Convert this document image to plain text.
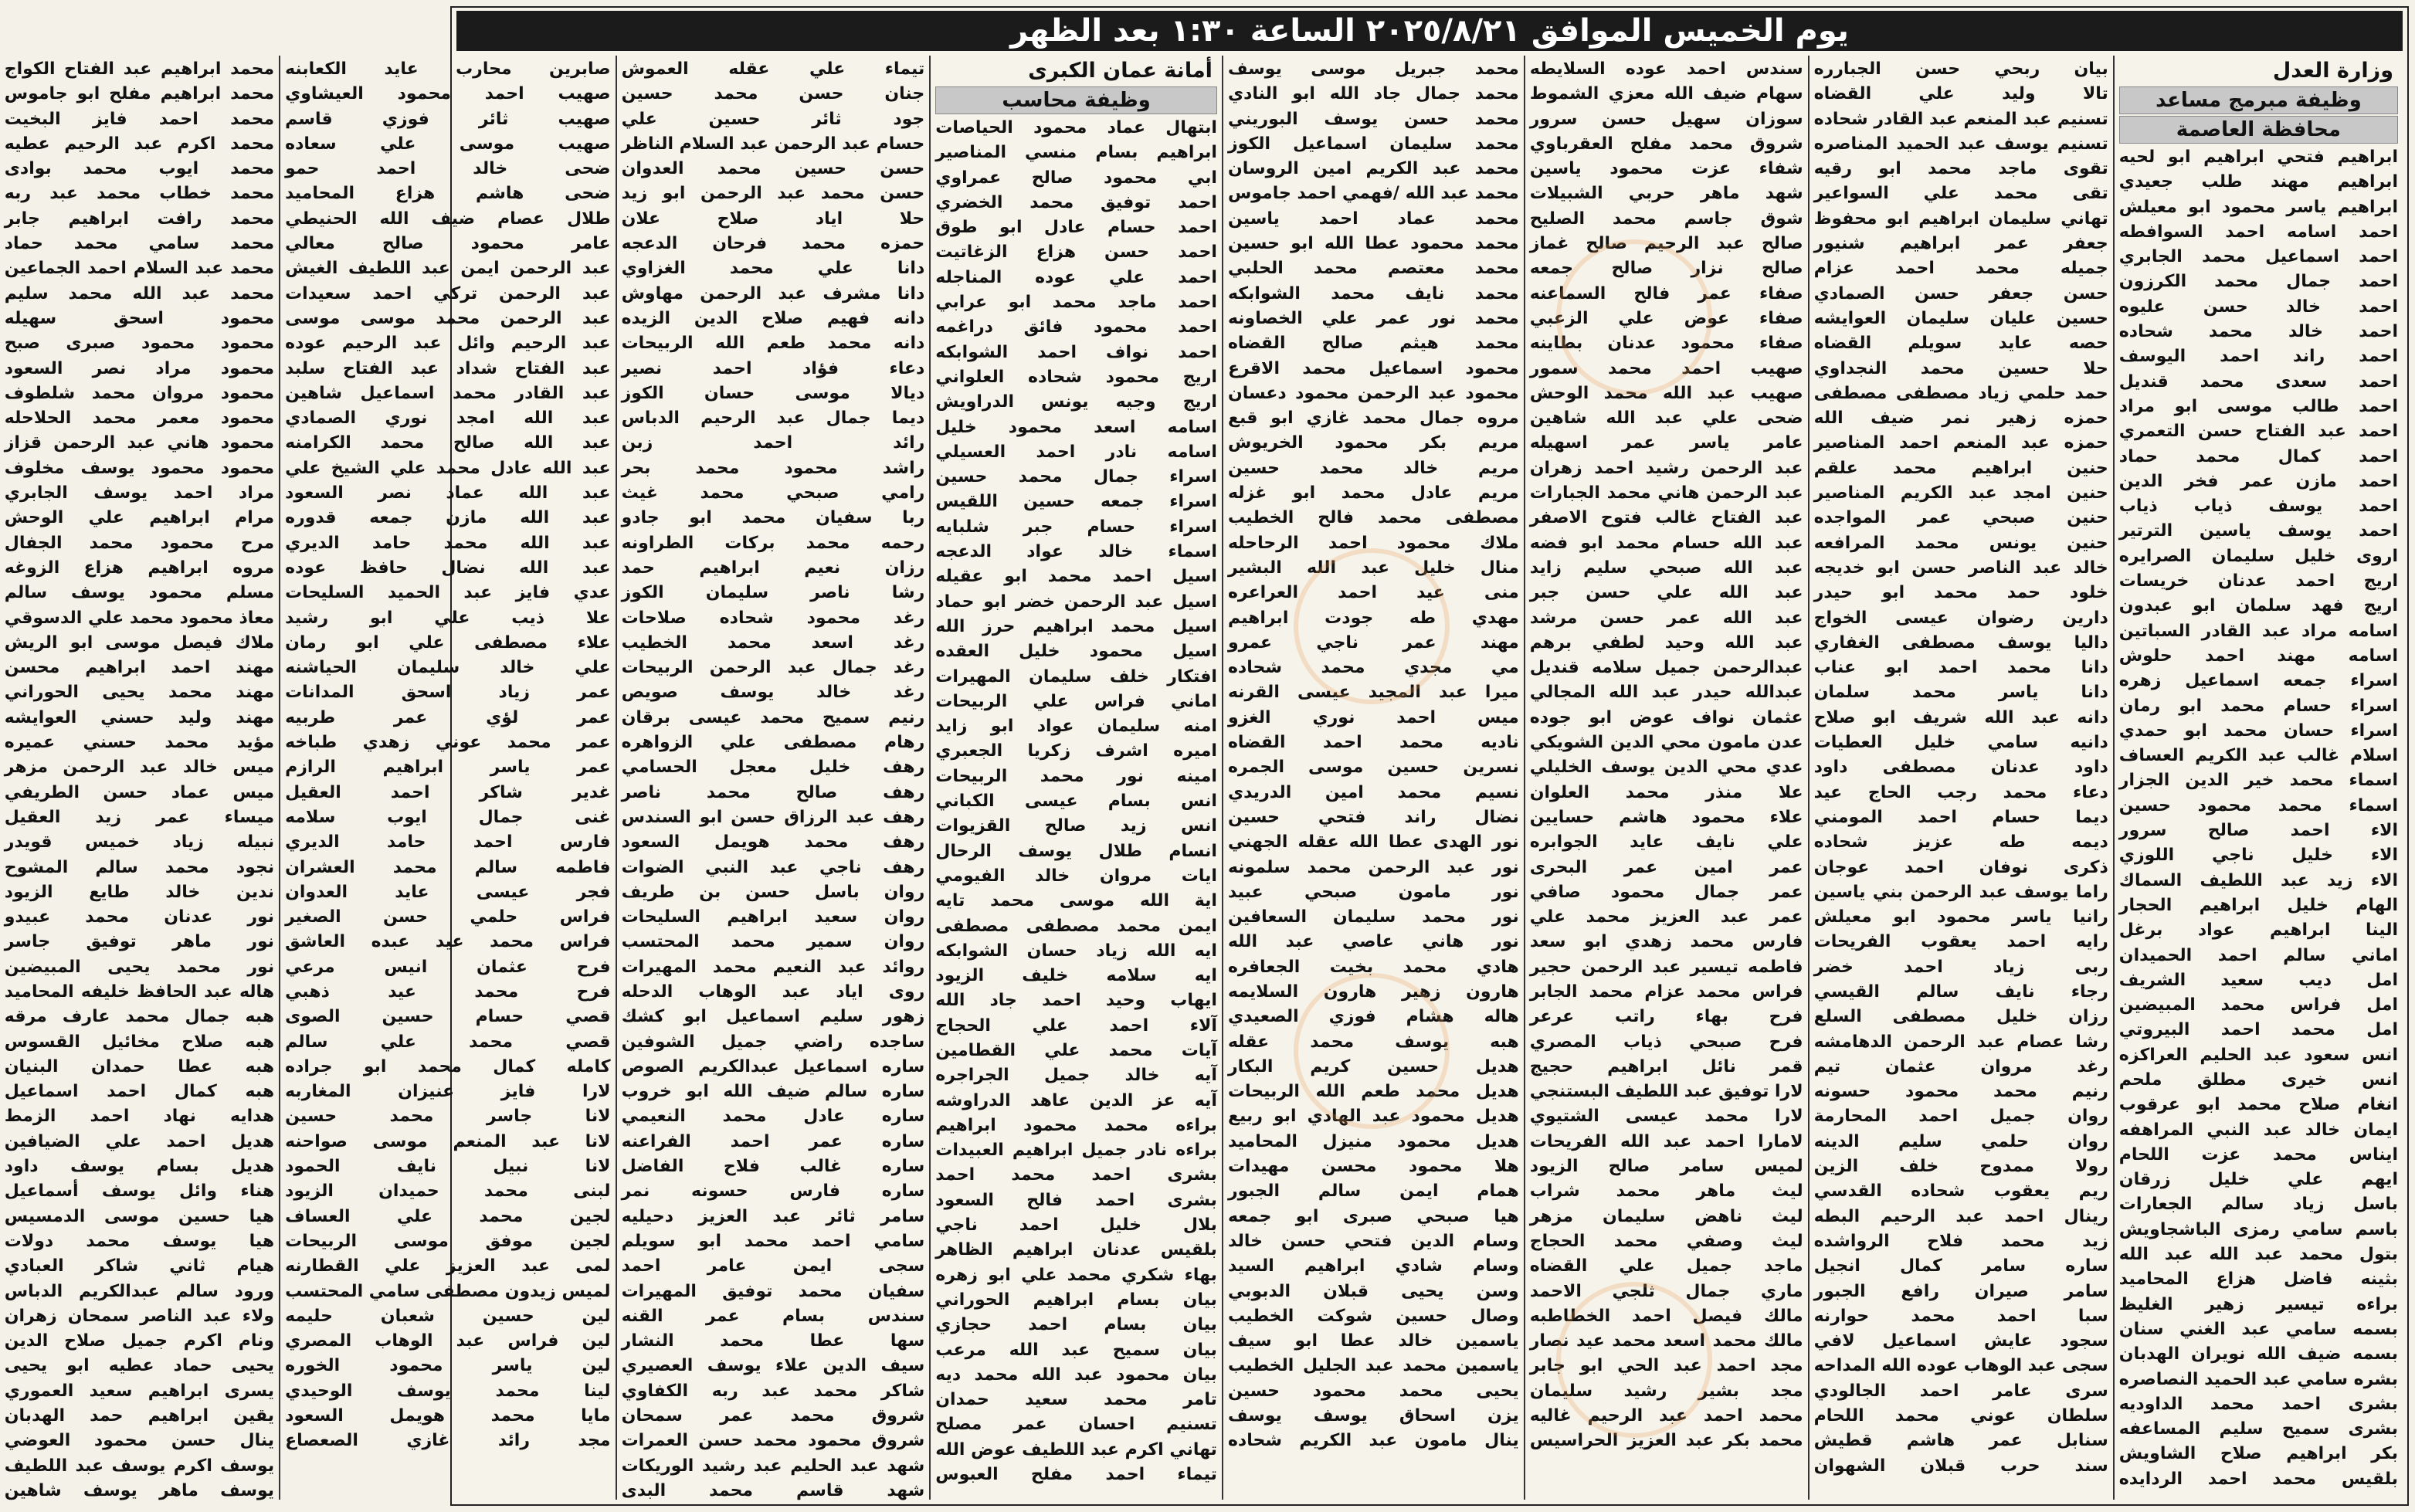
يوم الخميس الموافق ٢٠٢٥/٨/٢١ الساعة ١:٣٠ بعد الظهر
وزارة العدل
وظيفة مبرمج مساعد
محافظة العاصمة
ابراهيم فتحي ابراهيم ابو لحيه
ابراهيم مهند طلب جعيدي
ابراهيم ياسر محمود ابو معيلش
احمد اسامه احمد السوافطه
احمد اسماعيل محمد الجابري
احمد جمال محمد الكرزون
احمد خالد حسن عليوه
احمد خالد محمد شحاده
احمد راند احمد اليوسف
احمد سعدى محمد قنديل
احمد طالب موسى ابو مراد
احمد عبد الفتاح حسن التعمري
احمد كمال محمد حماد
احمد مازن عمر فخر الدين
احمد يوسف ذياب ذياب
احمد يوسف ياسين الترتير
اروى خليل سليمان الصرايره
اريج احمد عدنان خريسات
اريج فهد سلمان ابو عبدون
اسامه مراد عبد القادر السباتين
اسامه مهند احمد حلوش
اسراء جمعه اسماعيل زهره
اسراء حسام محمد ابو رمان
اسراء حسان محمد ابو حمدي
اسلام غالب عبد الكريم العساف
اسماء محمد خير الدين الجزار
اسماء محمد محمود حسين
الاء احمد صالح سرور
الاء خليل ناجي اللوزي
الاء زيد عبد اللطيف السماك
الهام خليل ابراهيم الحجار
الينا ابراهيم عواد برغل
اماني سالم احمد الحميدان
امل ديب سعيد الشريف
امل فراس محمد المبيضين
امل محمد احمد البيروتي
انس سعود عبد الحليم العراكزه
انس خيرى مطلق ملحم
انغام صلاح محمد ابو عرقوب
ايمان خالد عبد النبي المراهفه
ايناس محمد عزت اللحام
ايهم علي خليل زرقان
باسل زياد سالم الجعارات
باسم سامي رمزى الباشجاويش
بتول محمد عبد الله عبد الله
بثينه فاضل هزاع المحاميد
براءه تيسير زهير الغليظ
بسمه سامي عبد الغني سنان
بسمه ضيف الله نويران الهدبان
بشره سامي عبد الحميد النصاصره
بشرى احمد محمد الداوديه
بشرى سميح سليم المساعفه
بكر ابراهيم صلاح الشاويش
بلقيس محمد احمد الردايده
بيان ربحي حسن الجبارره
تالا وليد علي القضاه
تسنيم عبد المنعم عبد القادر شحاده
تسنيم يوسف عبد الحميد المناصره
تقوى ماجد محمد ابو رقيه
تقى محمد علي السواعير
تهاني سليمان ابراهيم ابو محفوظ
جعفر عمر ابراهيم شنيور
جميله محمد احمد عزام
حسن جعفر حسن الصمادي
حسين عليان سليمان العوايشه
حصه عايد سويلم القضاه
حلا حسين محمد النجداوي
حمد حلمي زياد مصطفى مصطفى
حمزه زهير نمر ضيف الله
حمزه عبد المنعم احمد المناصير
حنين ابراهيم محمد علقم
حنين امجد عبد الكريم المناصير
حنين صبحي عمر المواجده
حنين يونس محمد المرافعه
خالد عبد الناصر حسن ابو خديجه
خلود حمد محمد ابو حيدر
دارين رضوان عيسى الخواج
داليا يوسف مصطفى الغفاري
دانا محمد احمد ابو عناب
دانا ياسر محمد سلمان
دانه عبد الله شريف ابو صلاح
دانيه سامي خليل العطيات
داود عدنان مصطفى داود
دعاء محمد رجب الحاج عيد
ديما حسام احمد المومني
ديمه طه عزيز شحاده
ذكرى نوفان احمد عوجان
راما يوسف عبد الرحمن بني ياسين
رانيا ياسر محمود ابو معيلش
رايه احمد يعقوب الفريحات
ربى زياد احمد خضر
رجاء نايف سالم القيسي
رزان خليل مصطفى السلع
رشا عصام عبد الرحمن الدهامشه
رغد مروان عثمان تيم
رنيم محمد محمود حسونه
روان جميل احمد المحارمة
روان حلمي سليم الدينه
رولا ممدوح خلف الزين
ريم يعقوب شحاده القدسي
رينال احمد عبد الرحيم البطه
زيد محمد فلاح الرواشده
ساره سامر كمال انجيل
سامر صيران رافع الجبور
سبا احمد محمد حوارنه
سجود عايش اسماعيل لافي
سجى عبد الوهاب عوده الله المداحه
سرى عامر احمد الجالودي
سلطان عوني محمد اللحام
سنابل عمر هاشم قطيش
سند حرب قبلان الشهوان
سندس احمد عوده السلايطه
سهام ضيف الله معزي الشموط
سوزان سهيل حسن سرور
شروق محمد مفلح العقرباوي
شفاء عزت محمود ياسين
شهد ماهر حربي الشبيلات
شوق جاسم محمد الصليح
صالح عبد الرحيم صالح غماز
صالح نزار صالح جمعه
صفاء عمر فالح السماعنه
صفاء عوض علي الزعبي
صفاء محمود عدنان بطاينه
صهيب احمد محمد سمور
صهيب عبد الله محمد الوحش
ضحى علي عبد الله شاهين
عامر ياسر عمر اسهيله
عبد الرحمن رشيد احمد زهران
عبد الرحمن هاني محمد الجبارات
عبد الفتاح غالب فتوح الاصفر
عبد الله حسام محمد ابو فضه
عبد الله صبحي سليم زايد
عبد الله علي حسن جبر
عبد الله عمر حسن مرشد
عبد الله وحيد لطفي برهم
عبدالرحمن جميل سلامه قنديل
عبدالله حيدر عبد الله المجالي
عثمان نواف عوض ابو جوده
عدن مامون محي الدين الشويكي
عدي محي الدين يوسف الخليلي
علا منذر محمد العلوان
علاء محمود هاشم حسايين
علي نايف عايد الجوابره
عمر امين عمر البحرى
عمر جمال محمود صافي
عمر عبد العزيز محمد علي
فارس محمد زهدي ابو سعد
فاطمه تيسير عبد الرحمن حجير
فراس محمد عزام محمد الجابر
فرح بهاء راتب عرعر
فرح صبحي ذياب المصري
قمر نائل ابراهيم حجيج
لارا توفيق عبد اللطيف البستنجي
لارا محمد عيسى الشتيوي
لامارا احمد عبد الله الفريحات
لميس سامر صالح الزيود
ليث ماهر محمد شراب
ليث ناهض سليمان مزهر
ليث وصفي محمد الحجاج
ماجد جميل علي القضاه
ماري جمال ثلجي الاحمد
مالك فيصل احمد الخطاطبه
مالك محمد اسعد محمد عيد نصار
مجد احمد عبد الحي ابو جابر
مجد بشير رشيد سليمان
محمد احمد عبد الرحيم غاليه
محمد بكر عبد العزيز الحراسيس
محمد جبريل موسى يوسف
محمد جمال جاد الله ابو النادي
محمد حسن يوسف البوريني
محمد سليمان اسماعيل الكوز
محمد عبد الكريم امين الروسان
محمد عبد الله /فهمي احمد جاموس
محمد عماد احمد ياسين
محمد محمود عطا الله ابو حسين
محمد معتصم محمد الحلبي
محمد نايف محمد الشوابكه
محمد نور عمر علي الخصاونه
محمد هيثم صالح القضاه
محمود اسماعيل محمد الاقرع
محمود عبد الرحمن محمود دعسان
مروه جمال محمد غازي ابو قبع
مريم بكر محمود الخريوش
مريم خالد محمد حسين
مريم عادل محمد ابو غزله
مصطفى محمد فالح الخطيب
ملاك محمود احمد الرحاحله
منال خليل عبد الله البشير
منى عيد احمد العراعره
مهدي طه جودت ابراهيم
مهند عمر ناجي عمرو
مي مجدي محمد شحاده
ميرا عبد المجيد عيسى القرنه
ميس احمد نوري الغزو
ناديه محمد احمد القضاه
نسرين حسين موسى الجمره
نسيم محمد امين الدريدي
نضال راند فتحي حسين
نور الهدى عطا الله عقله الجهني
نور عبد الرحمن محمد سلمونه
نور مامون صبحي عبيد
نور محمد سليمان السعافين
نور هاني عاصي عبد الله
هادي محمد بخيت الجعافره
هارون زهير هارون السلايمه
هاله هشام فوزي الصعيدي
هبه يوسف محمد عقله
هديل حسين كريم البكار
هديل محمد طعم الله الربيحات
هديل محمود عبد الهادي ابو ربيع
هديل محمود منيزل المحاميد
هلا محمود محسن مهيدات
همام ايمن سالم الجبور
هيا صبحي صبرى ابو جمعه
وسام الدين فتحي حسن خالد
وسام شادي ابراهيم السيد
وسن يحيى قبلان الدبوبي
وصال حسين شوكت الخطيب
ياسمين خالد عطا ابو سيف
ياسمين محمد عبد الجليل الخطيب
يحيى محمد محمود حسين
يزن اسحاق يوسف يوسف
ينال مامون عبد الكريم شحاده
أمانة عمان الكبرى
وظيفة محاسب
ابتهال عماد محمود الحياصات
ابراهيم بسام منسي المناصير
ابي محمود صالح عمراوي
احمد توفيق محمد الخضري
احمد حسام عادل ابو طوق
احمد حسن هزاع الزغاتيت
احمد علي عوده المناجله
احمد ماجد محمد ابو عرابي
احمد محمود فائق دراغمه
احمد نواف احمد الشوابكه
اريج محمود شحاده العلواني
اريج وجيه يونس الدراويش
اسامه اسعد محمود خليل
اسامه نادر احمد العسيلي
اسراء جمال محمد حسين
اسراء جمعه حسين اللقيس
اسراء حسام جبر شلبايه
اسماء خالد عواد الدعجه
اسيل احمد محمد ابو عقيله
اسيل عبد الرحمن خضر ابو حماد
اسيل محمد ابراهيم حرز الله
اسيل محمود خليل العقده
افتكار خلف سليمان المهيرات
اماني فراس علي الربيحات
امنه سليمان عواد ابو زايد
اميره اشرف زكريا الجعبري
امينه نور محمد الربيحات
انس بسام عيسى الكباني
انس زيد صالح القزيوات
انسام طلال يوسف الرحال
ايات مروان خالد الفيومي
اية الله موسى محمد تايه
ايمن محمد مصطفى مصطفى
ايه الله زياد حسان الشوابكه
ايه سلامه خليف الزيود
ايهاب وحيد احمد جاد الله
آلاء احمد علي الحجاج
آيات محمد علي القطامين
آيه خالد جميل الجراجره
آيه عز الدين عاهد الدراوشه
براءه محمد محمود ابراهيم
براءه نادر جميل ابراهيم العبيدات
بشرى احمد محمد احمد
بشرى احمد فالح السعود
بلال خليل احمد ناجي
بلقيس عدنان ابراهيم الظاهر
بهاء شكري محمد علي ابو زهره
بيان بسام ابراهيم الحوراني
بيان بسام احمد حجازي
بيان سميح عبد الله مرعب
بيان محمود عبد الله محمد ديه
تامر محمد سعيد حمدان
تسنيم احسان عمر مصلح
تهاني اكرم عبد اللطيف عوض الله
تيماء احمد مفلح العبوس
تيماء علي عقله العموش
جنان حسن محمد حسين
جود ثائر حسين علي
حسام عبد الرحمن عبد السلام الناظر
حسن حسين محمد العدوان
حسن محمد عبد الرحمن ابو زيد
حلا اياد صلاح علان
حمزه محمد فرحان الدعجه
دانا علي محمد الغزاوي
دانا مشرف عبد الرحمن مهاوش
دانه فهيم صلاح الدين الزيده
دانه محمد طعم الله الربيحات
دعاء فؤاد احمد نصير
ديالا موسى حسان الكوز
ديما جمال عبد الرحيم الدباس
رائد احمد زبن
راشد محمود محمد بحر
رامي صبحي محمد غيث
ربا سفيان محمد ابو جادو
رحمه محمد بركات الطراونه
رزان نعيم ابراهيم حمد
رشا ناصر سليمان الكوز
رغد محمود شحاده صلاحات
رغد اسعد محمد الخطيب
رغد جمال عبد الرحمن الربيحات
رغد خالد يوسف صويص
رنيم سميح محمد عيسى برقان
رهام مصطفى علي الزواهره
رهف خليل معجل الحسامي
رهف صالح محمد ناصر
رهف عبد الرزاق حسن ابو السندس
رهف محمد هويمل السعود
رهف ناجي عبد النبي الضوات
روان باسل حسن بن طريف
روان سعيد ابراهيم السليحات
روان سمير محمد المحتسب
روائد عبد النعيم محمد المهيرات
روى اياد عبد الوهاب الدحله
زهور سليم اسماعيل ابو كشك
ساجده راضي جميل الشوفين
ساره اسماعيل عبدالكريم الصوص
ساره سالم ضيف الله ابو خروب
ساره عادل محمد النعيمي
ساره عمر احمد الفراعنه
ساره غالب فلاح الفاضل
ساره فارس حسونه نمر
سامر ثائر عبد العزيز دحيليه
سامي احمد محمد ابو سويلم
سجى ايمن عامر احمد
سفيان محمد توفيق المهيرات
سندس بسام عمر القنه
سها عطا محمد النشار
سيف الدين علاء يوسف العصيري
شاكر محمد عبد ربه الكفاوي
شروق محمد عمر سمحان
شروق محمود محمد حسن العمرات
شهد عبد الحليم عبد رشيد الوريكات
شهد قاسم محمد البدى
صابرين محارب عايد الكعابنه
صهيب احمد محمود العيشاوي
صهيب ثائر فوزي قاسم
صهيب موسى علي سعاده
ضحى خالد احمد حمو
ضحى هاشم هزاع المحاميد
طلال عصام ضيف الله الحنيطي
عامر محمود صالح معالي
عبد الرحمن ايمن عبد اللطيف الغيش
عبد الرحمن تركي احمد سعيدات
عبد الرحمن محمد موسى موسى
عبد الرحيم وائل عبد الرحيم عوده
عبد الفتاح شداد عبد الفتاح سلبد
عبد القادر محمد اسماعيل شاهين
عبد الله امجد نوري الصمادي
عبد الله صالح محمد الكرامنه
عبد الله عادل محمد علي الشيخ علي
عبد الله عماد نصر السعود
عبد الله مازن جمعه قدوره
عبد الله محمد حامد الديري
عبد الله نضال حافظ عوده
عدي فايز عبد الحميد السليحات
علا ذيب علي ابو رشيد
علاء مصطفى علي ابو رمان
علي خالد سليمان الحياشنه
عمر زياد اسحق المدانات
عمر لؤي عمر طربيه
عمر محمد عوني زهدي طباخه
عمر ياسر ابراهيم الرازم
غدير شاكر احمد العقيل
غنى جمال ايوب سلامه
فارس احمد حامد الديري
فاطمه سالم محمد العشران
فجر عيسى عايد العدوان
فراس حلمي حسن الصغير
فراس محمد عيد عبده العاشق
فرح عثمان انيس مرعي
فرح محمد عيد ذهبي
قصي حسام حسين الصوى
قصي محمد علي سالم
كامله كمال محمد ابو جراده
لارا فايز عنيزان المغاربه
لانا جاسر محمد حسين
لانا عبد المنعم موسى صواحنه
لانا نبيل نايف الحمود
لبنى محمد حميدان الزيود
لجين محمد علي العساف
لجين موفق موسى الربيحات
لمى عبد العزيز علي القطارنه
لميس زيدون مصطفى سامي المحتسب
لين حسين شعبان حليمه
لين فراس عبد الوهاب المصري
لين ياسر محمود الخوره
لينا محمد يوسف الوحيدي
مايا محمد هويمل السعود
مجد رائد غازي الصعصاع
محمد ابراهيم عبد الفتاح الكواج
محمد ابراهيم مفلح ابو جاموس
محمد احمد فايز البخيت
محمد اكرم عبد الرحيم عطيه
محمد ايوب محمد بوادى
محمد خطاب محمد عبد ربه
محمد رافت ابراهيم جابر
محمد سامي محمد حماد
محمد عبد السلام احمد الجماعين
محمد عبد الله محمد سليم
محمود اسحق سهيله
محمود محمود صبرى صبح
محمود مراد نصر السعود
محمود مروان محمد شلطوف
محمود معمر محمد الحلاحله
محمود هاني عبد الرحمن قزاز
محمود محمود يوسف مخلوف
مراد احمد يوسف الجابري
مرام ابراهيم علي الوحش
مرح محمود محمد الجفال
مروه ابراهيم هزاع الزوغه
مسلم محمود يوسف سالم
معاذ محمود محمد علي الدسوقي
ملاك فيصل موسى ابو الريش
مهند احمد ابراهيم محسن
مهند محمد يحيى الحوراني
مهند وليد حسني العوايشه
مؤيد محمد حسني عميره
ميس خالد عبد الرحمن مزهر
ميس عماد حسن الطريفي
ميساء عمر زيد العقيل
نبيله زياد خميس قويدر
نجود محمد سالم المشوح
ندين خالد طايع الزيود
نور عدنان محمد عبيدو
نور ماهر توفيق جاسر
نور محمد يحيى المبيضين
هاله عبد الحافظ خليفه المحاميد
هبه جمال محمد عارف مرقه
هبه صلاح مخائيل القسوس
هبه عطا حمدان البنيان
هبه كمال احمد اسماعيل
هدايه نهاد احمد الزمط
هديل احمد علي الضيافين
هديل بسام يوسف داود
هناء وائل يوسف أسماعيل
هيا حسين موسى الدمسيس
هيا يوسف محمد دولات
هيام ثاني شاكر العبادي
ورود سالم عبدالكريم الدباس
ولاء عبد الناصر سمحان زهران
ونام اكرم جميل صلاح الدين
يحيى حماد عطيه ابو يحيى
يسرى ابراهيم سعيد العموري
يقين ابراهيم حمد الهدبان
ينال حسن محمود العوضي
يوسف اكرم يوسف عبد اللطيف
يوسف ماهر يوسف شاهين
